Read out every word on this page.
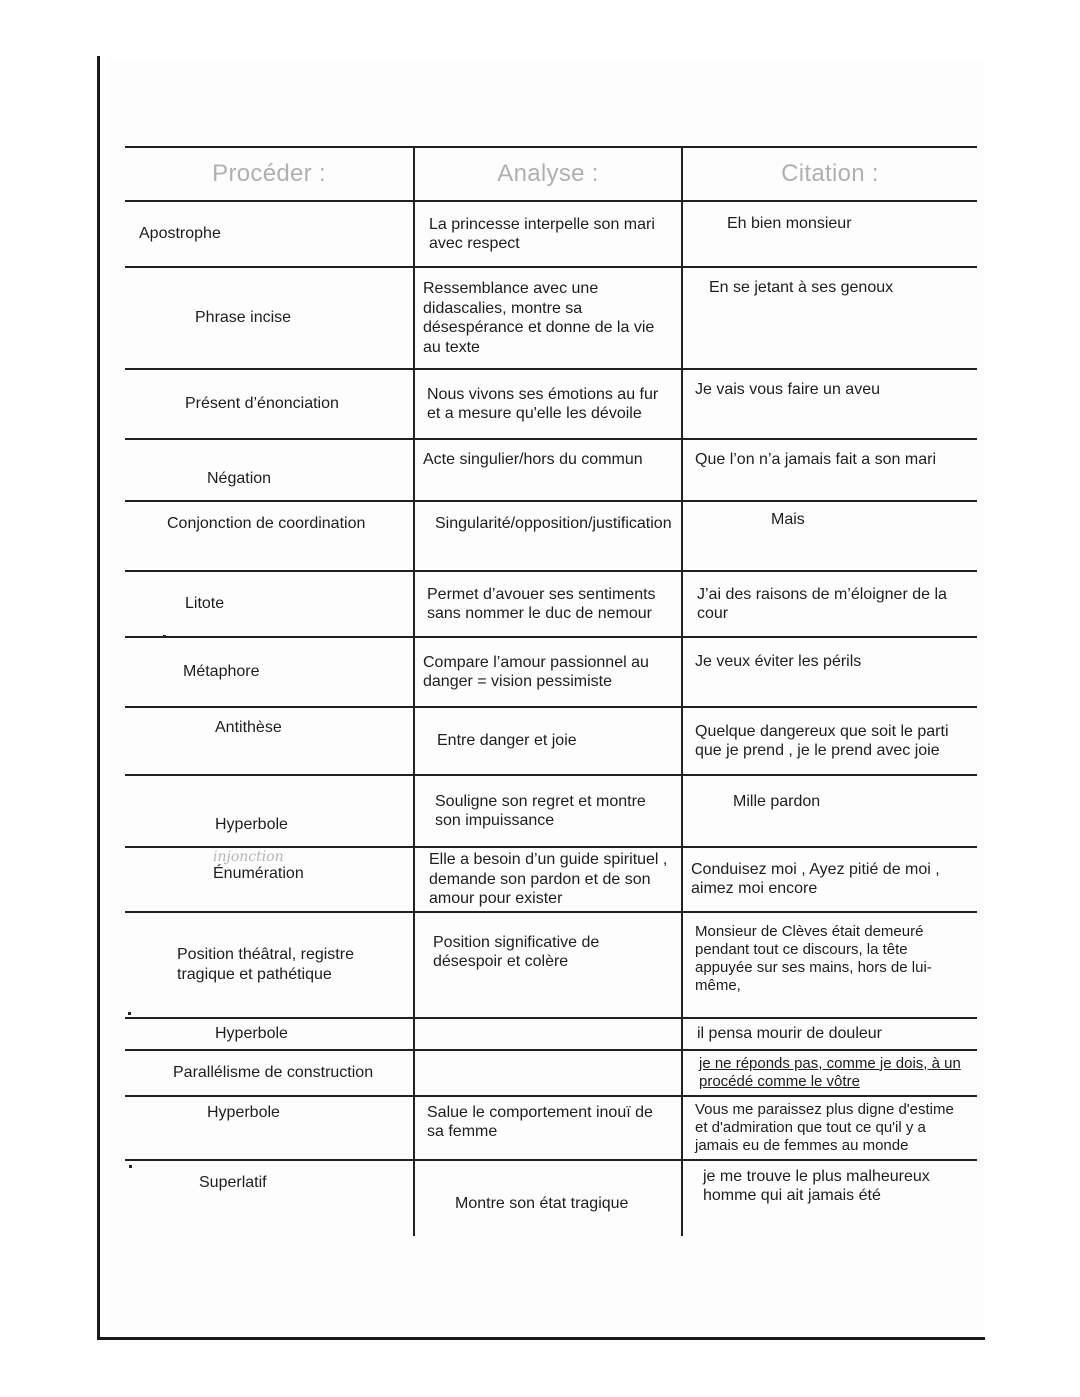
Procéder :	Analyse :	Citation :
Apostrophe	La princesse interpelle son mari avec respect	Eh bien monsieur
Phrase incise	Ressemblance avec une didascalies, montre sa désespérance et donne de la vie au texte	En se jetant à ses genoux
Présent d’énonciation	Nous vivons ses émotions au fur et a mesure qu'elle les dévoile	Je vais vous faire un aveu
Négation	Acte singulier/hors du commun	Que l’on n’a jamais fait a son mari
Conjonction de coordination	Singularité/opposition/justification	Mais
Litote	Permet d’avouer ses sentiments sans nommer le duc de nemour	J’ai des raisons de m’éloigner de la cour
Métaphore	Compare l’amour passionnel au danger = vision pessimiste	Je veux éviter les périls
Antithèse	Entre danger et joie	Quelque dangereux que soit le parti que je prend , je le prend avec joie
Hyperbole	Souligne son regret et montre son impuissance	Mille pardon

injonction
Énumération	Elle a besoin d’un guide spirituel , demande son pardon et de son amour pour exister	Conduisez moi , Ayez pitié de moi , aimez moi encore
Position théâtral, registre tragique et pathétique	Position significative de désespoir et colère	Monsieur de Clèves était demeuré pendant tout ce discours, la tête appuyée sur ses mains, hors de lui-même,
Hyperbole		il pensa mourir de douleur
Parallélisme de construction		je ne réponds pas, comme je dois, à un procédé comme le vôtre
Hyperbole	Salue le comportement inouï de sa femme	Vous me paraissez plus digne d'estime et d'admiration que tout ce qu'il y a jamais eu de femmes au monde
Superlatif	Montre son état tragique	je me trouve le plus malheureux homme qui ait jamais été
